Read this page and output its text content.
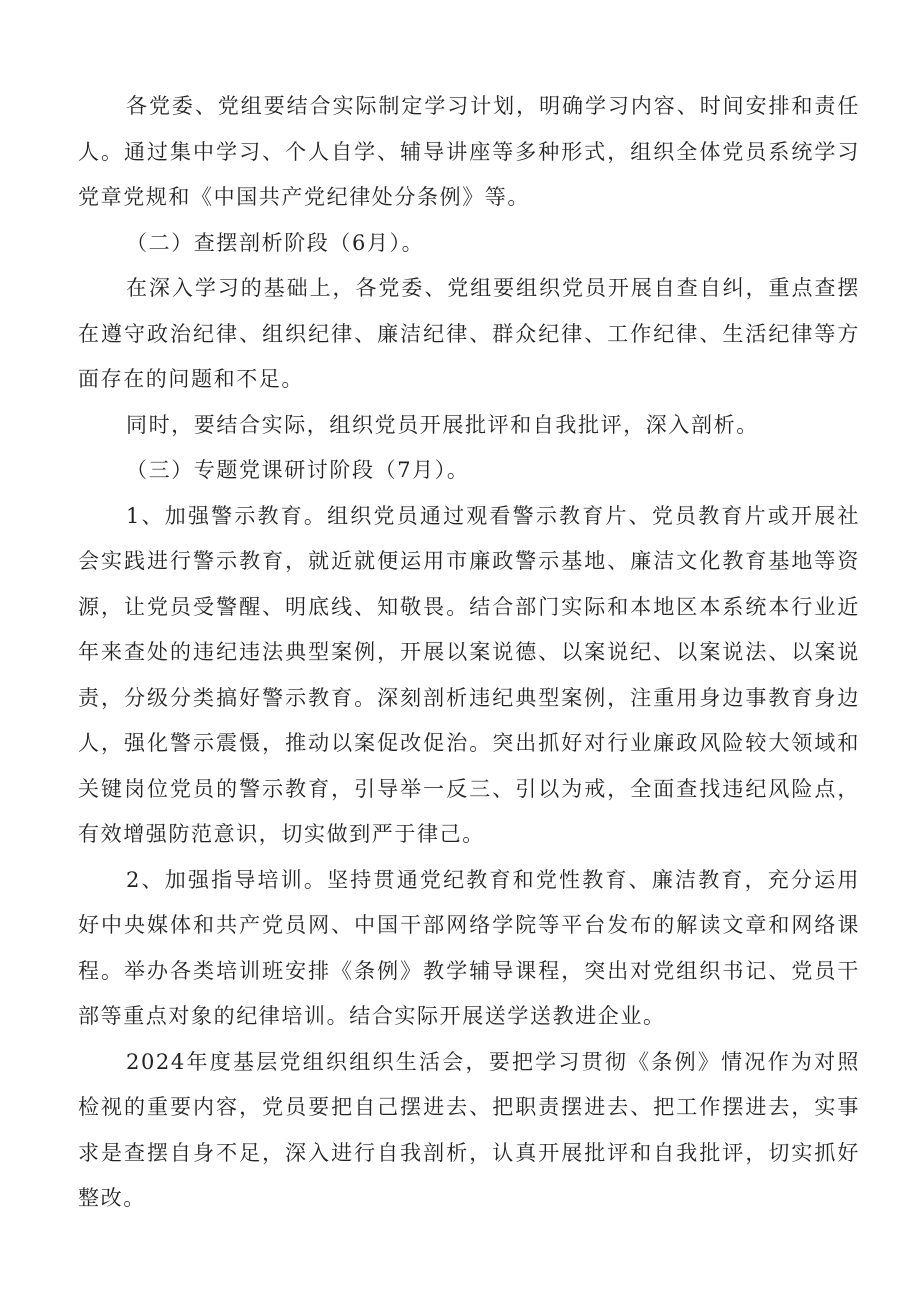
各党委、党组要结合实际制定学习计划，明确学习内容、时间安排和责任人。通过集中学习、个人自学、辅导讲座等多种形式，组织全体党员系统学习党章党规和《中国共产党纪律处分条例》等。

（二）查摆剖析阶段（6月）。

在深入学习的基础上，各党委、党组要组织党员开展自查自纠，重点查摆在遵守政治纪律、组织纪律、廉洁纪律、群众纪律、工作纪律、生活纪律等方面存在的问题和不足。

同时，要结合实际，组织党员开展批评和自我批评，深入剖析。

（三）专题党课研讨阶段（7月）。

1、加强警示教育。组织党员通过观看警示教育片、党员教育片或开展社会实践进行警示教育，就近就便运用市廉政警示基地、廉洁文化教育基地等资源，让党员受警醒、明底线、知敬畏。结合部门实际和本地区本系统本行业近年来查处的违纪违法典型案例，开展以案说德、以案说纪、以案说法、以案说责，分级分类搞好警示教育。深刻剖析违纪典型案例，注重用身边事教育身边人，强化警示震慑，推动以案促改促治。突出抓好对行业廉政风险较大领域和关键岗位党员的警示教育，引导举一反三、引以为戒，全面查找违纪风险点，有效增强防范意识，切实做到严于律己。

2、加强指导培训。坚持贯通党纪教育和党性教育、廉洁教育，充分运用好中央媒体和共产党员网、中国干部网络学院等平台发布的解读文章和网络课程。举办各类培训班安排《条例》教学辅导课程，突出对党组织书记、党员干部等重点对象的纪律培训。结合实际开展送学送教进企业。

2024年度基层党组织组织生活会，要把学习贯彻《条例》情况作为对照检视的重要内容，党员要把自己摆进去、把职责摆进去、把工作摆进去，实事求是查摆自身不足，深入进行自我剖析，认真开展批评和自我批评，切实抓好整改。
